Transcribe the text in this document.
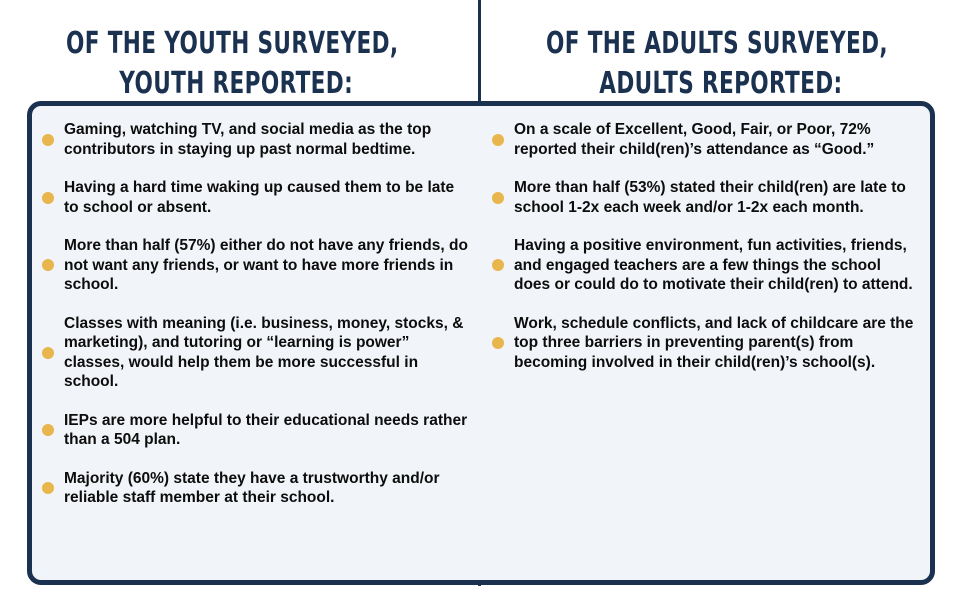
OF THE YOUTH SURVEYED,
YOUTH REPORTED:
OF THE ADULTS SURVEYED,
ADULTS REPORTED:
Gaming, watching TV, and social media as the top contributors in staying up past normal bedtime.
Having a hard time waking up caused them to be late to school or absent.
More than half (57%) either do not have any friends, do not want any friends, or want to have more friends in school.
Classes with meaning (i.e. business, money, stocks, & marketing), and tutoring or “learning is power” classes, would help them be more successful in school.
IEPs are more helpful to their educational needs rather than a 504 plan.
Majority (60%) state they have a trustworthy and/or reliable staff member at their school.
On a scale of Excellent, Good, Fair, or Poor, 72% reported their child(ren)’s attendance as “Good.”
More than half (53%) stated their child(ren) are late to school 1-2x each week and/or 1-2x each month.
Having a positive environment, fun activities, friends, and engaged teachers are a few things the school does or could do to motivate their child(ren) to attend.
Work, schedule conflicts, and lack of childcare are the top three barriers in preventing parent(s) from becoming involved in their child(ren)’s school(s).
